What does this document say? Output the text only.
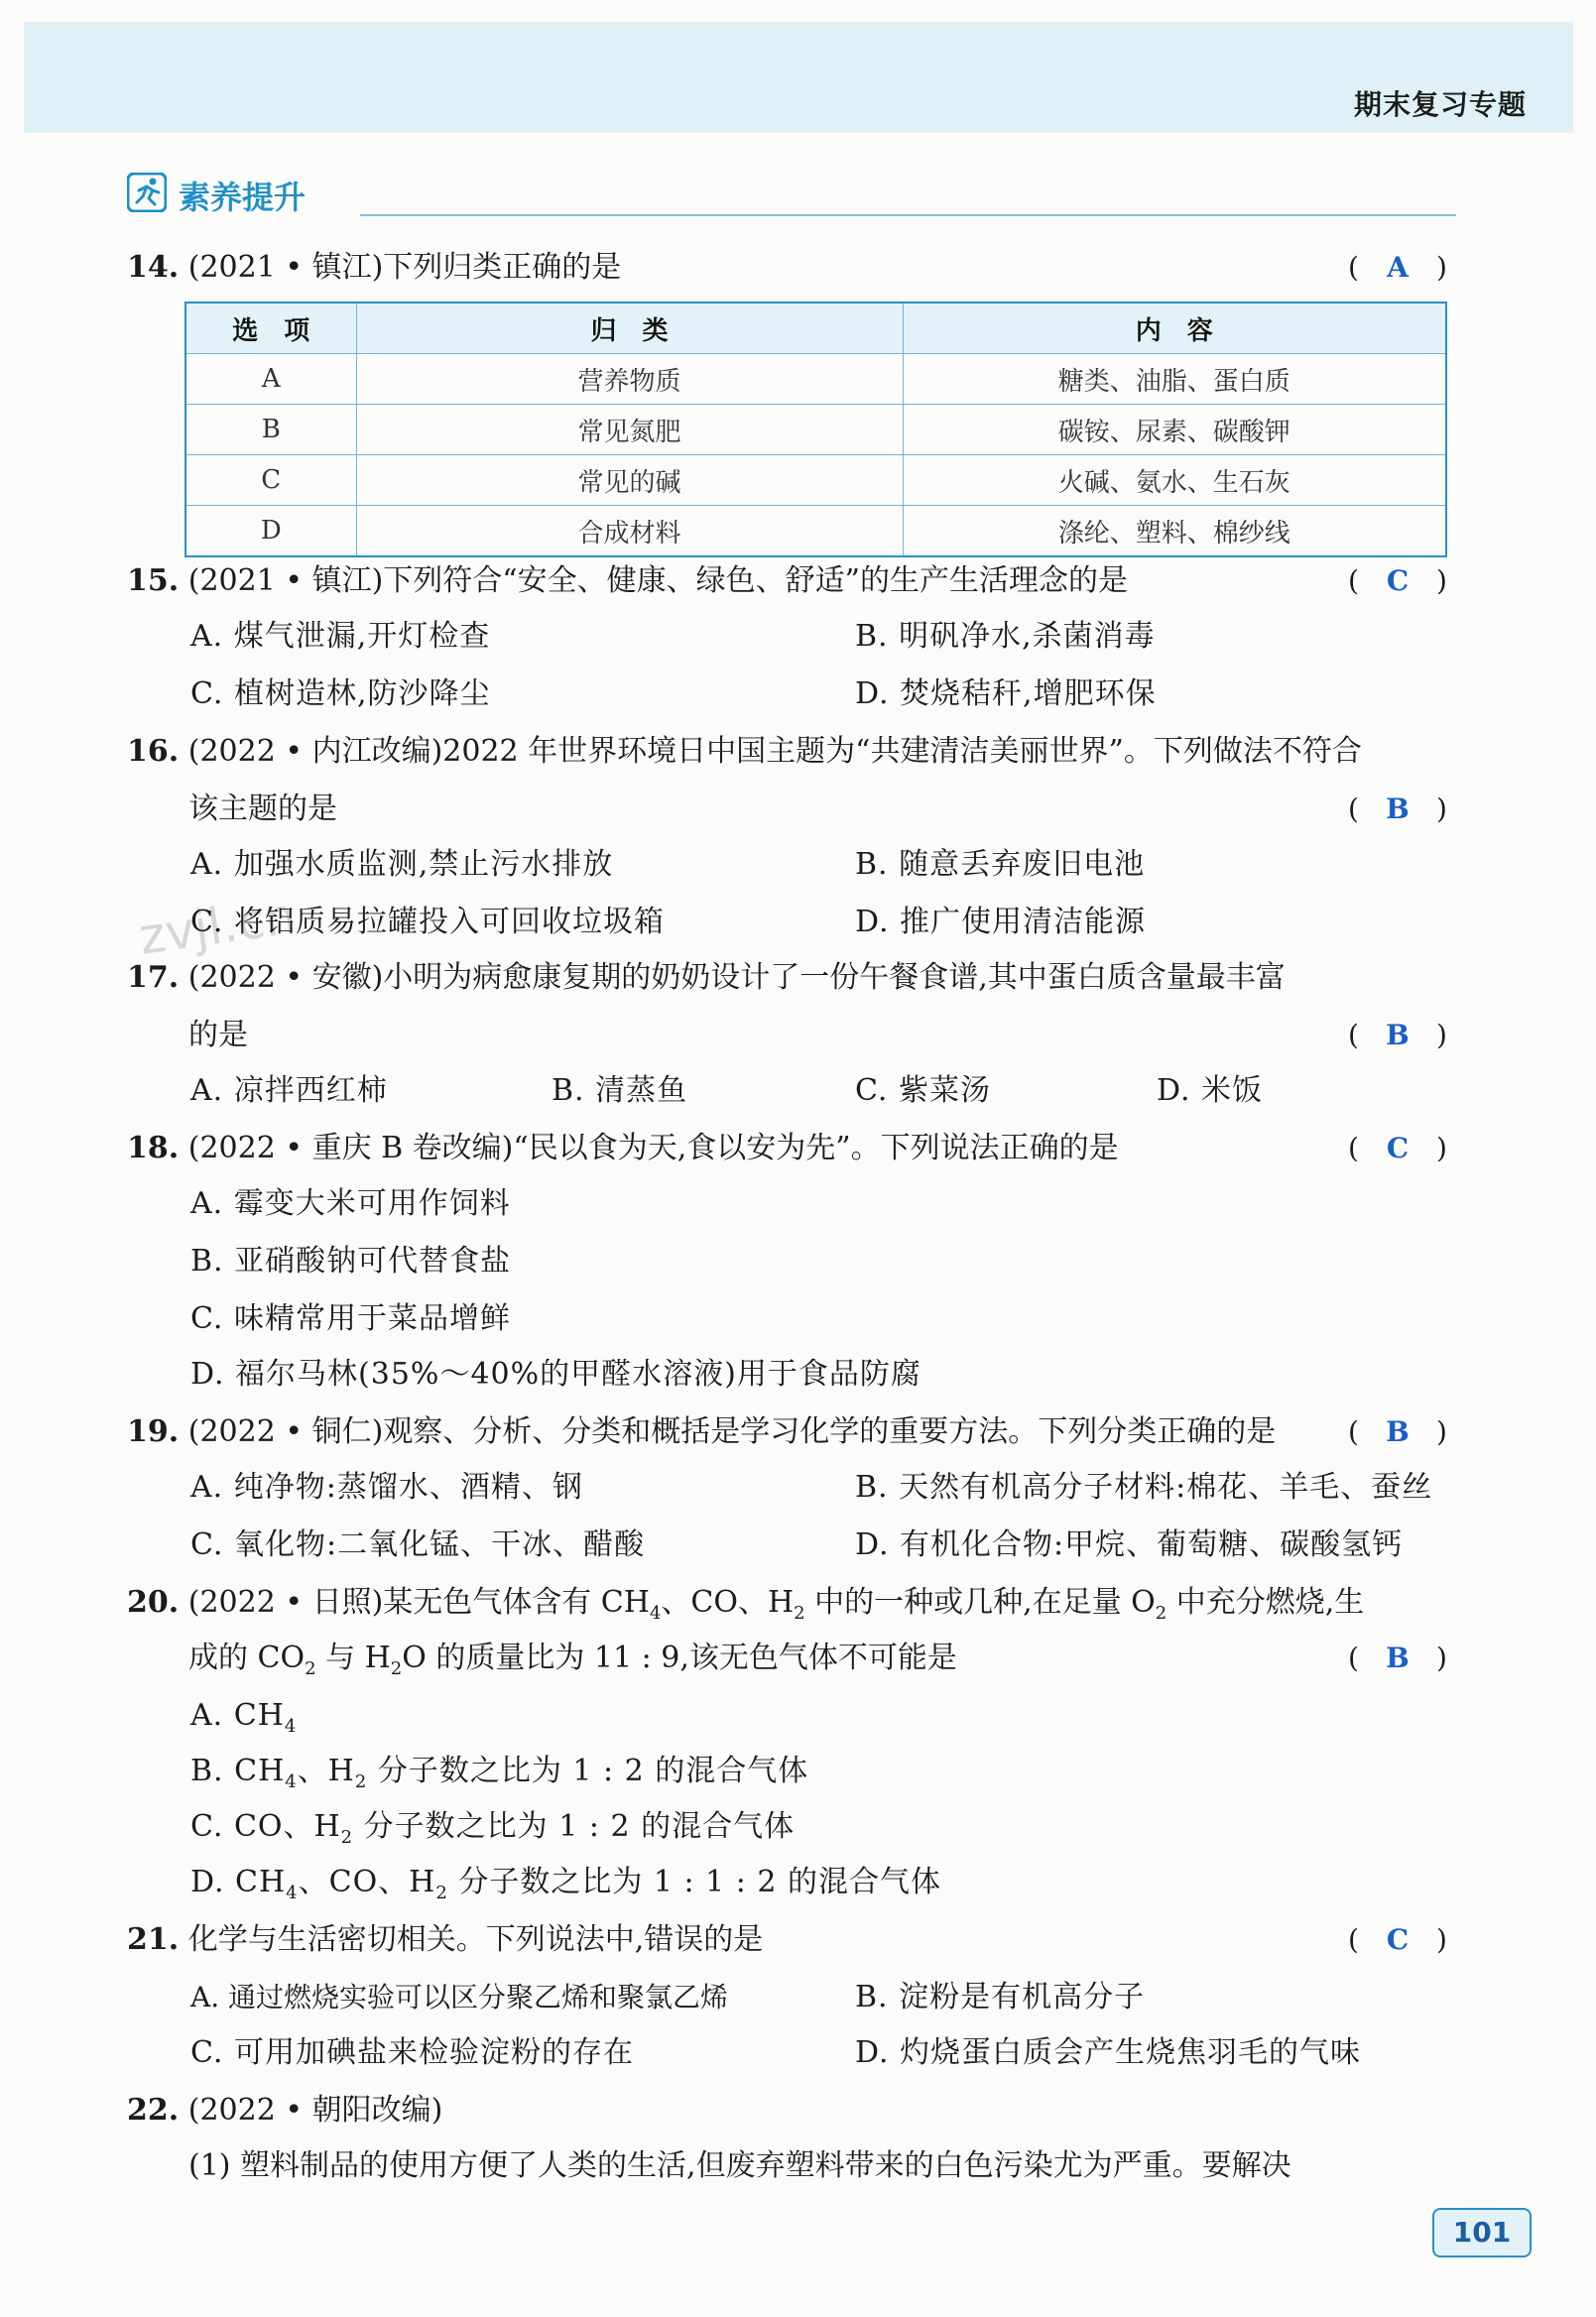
期末复习专题
素养提升
zvjl.cn
14. (2021 • 镇江)下列归类正确的是	( A )
选　项	归　类	内　容
A	营养物质	糖类、油脂、蛋白质
B	常见氮肥	碳铵、尿素、碳酸钾
C	常见的碱	火碱、氨水、生石灰
D	合成材料	涤纶、塑料、棉纱线
15. (2021 • 镇江)下列符合“安全、健康、绿色、舒适”的生产生活理念的是	( C )
A. 煤气泄漏,开灯检查	B. 明矾净水,杀菌消毒
C. 植树造林,防沙降尘	D. 焚烧秸秆,增肥环保
16. (2022 • 内江改编)2022 年世界环境日中国主题为“共建清洁美丽世界”。下列做法不符合
该主题的是	( B )
A. 加强水质监测,禁止污水排放	B. 随意丢弃废旧电池
C. 将铝质易拉罐投入可回收垃圾箱	D. 推广使用清洁能源
17. (2022 • 安徽)小明为病愈康复期的奶奶设计了一份午餐食谱,其中蛋白质含量最丰富
的是	( B )
A. 凉拌西红柿	B. 清蒸鱼	C. 紫菜汤	D. 米饭
18. (2022 • 重庆 B 卷改编)“民以食为天,食以安为先”。下列说法正确的是	( C )
A. 霉变大米可用作饲料
B. 亚硝酸钠可代替食盐
C. 味精常用于菜品增鲜
D. 福尔马林(35%～40%的甲醛水溶液)用于食品防腐
19. (2022 • 铜仁)观察、分析、分类和概括是学习化学的重要方法。下列分类正确的是	( B )
A. 纯净物:蒸馏水、酒精、钢	B. 天然有机高分子材料:棉花、羊毛、蚕丝
C. 氧化物:二氧化锰、干冰、醋酸	D. 有机化合物:甲烷、葡萄糖、碳酸氢钙
20. (2022 • 日照)某无色气体含有 $CH_4$、CO、$H_2$ 中的一种或几种,在足量 $O_2$ 中充分燃烧,生
成的 $CO_2$ 与 $H_2O$ 的质量比为 11 : 9,该无色气体不可能是	( B )
A. $CH_4$
B. $CH_4$、$H_2$ 分子数之比为 1 : 2 的混合气体
C. CO、$H_2$ 分子数之比为 1 : 2 的混合气体
D. $CH_4$、CO、$H_2$ 分子数之比为 1 : 1 : 2 的混合气体
21. 化学与生活密切相关。下列说法中,错误的是	( C )
A. 通过燃烧实验可以区分聚乙烯和聚氯乙烯	B. 淀粉是有机高分子
C. 可用加碘盐来检验淀粉的存在	D. 灼烧蛋白质会产生烧焦羽毛的气味
22. (2022 • 朝阳改编)
(1) 塑料制品的使用方便了人类的生活,但废弃塑料带来的白色污染尤为严重。要解决
101
